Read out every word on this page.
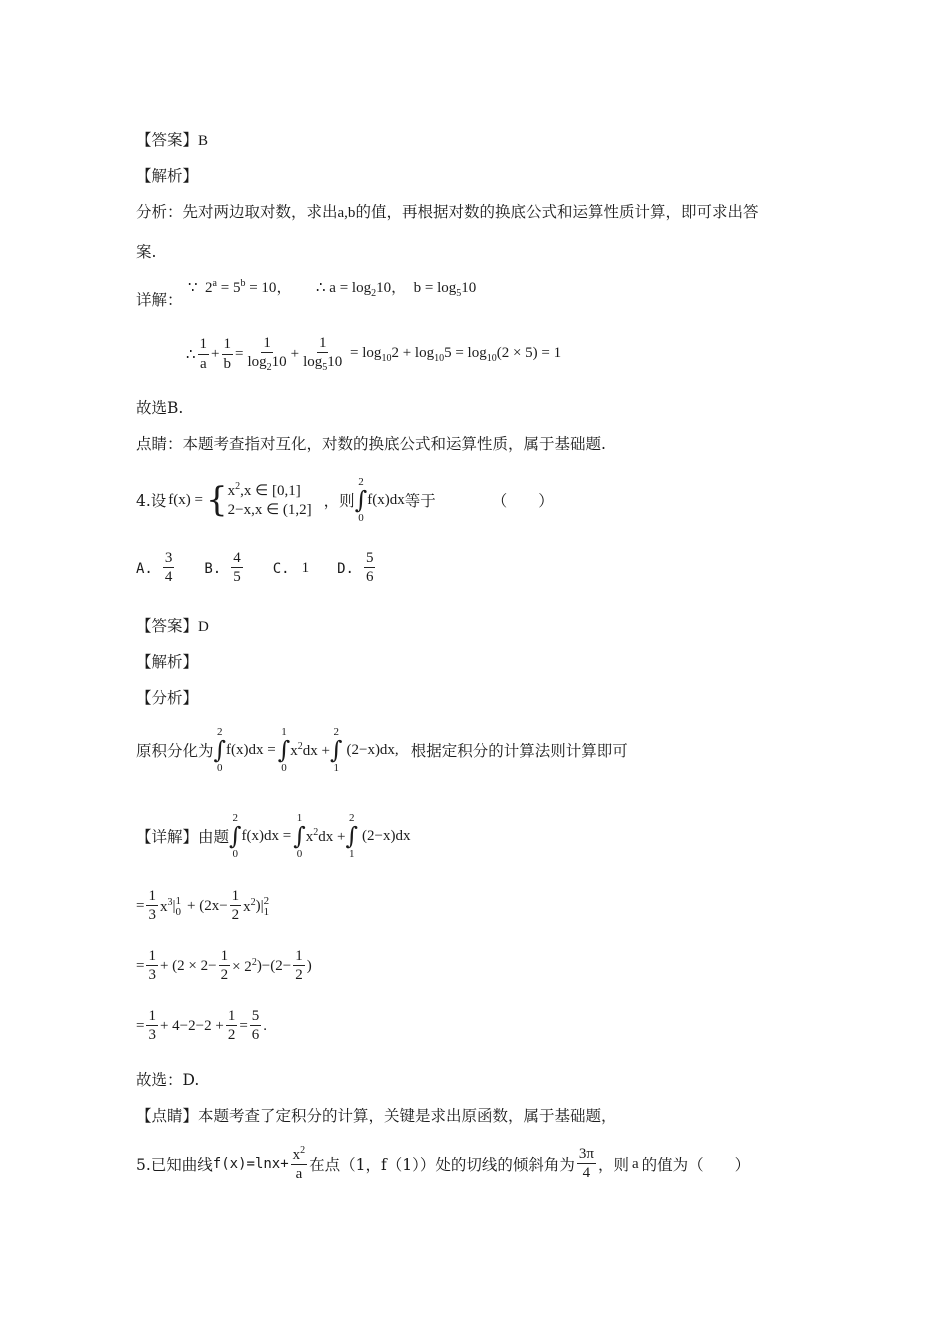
【答案】B
【解析】
分析：先对两边取对数，求出a,b的值，再根据对数的换底公式和运算性质计算，即可求出答
案.
详解：
∵ $2^a = 5^b = 10$， ∴ $a = \log_210$， $b = \log_510$
∴ $\frac{1}{a} + \frac{1}{b} = \frac{1}{\log_210} + \frac{1}{\log_510} = \log_{10}2 + \log_{10}5 = \log_{10}(2 \times 5) = 1$
故选B.
点睛：本题考查指对互化，对数的换底公式和运算性质，属于基础题.
4.设 f(x) = { $x^2,x$ ∈ [0,1]
2−x,x ∈ (1,2] ，则
2
∫
0
f(x)dx 等于	（　　）
A. $\frac{3}{4} B$. $\frac{4}{5} C$. 1 D. $\frac{5}{6}$
【答案】D
【解析】
【分析】
原积分化为
2
∫
0
f(x)dx =
1
∫
0
$x^2dx$ +
2
∫
1
(2−x)dx, 根据定积分的计算法则计算即可
【详解】 由题
2
∫
0
f(x)dx =
1
∫
0
$x^2dx$ +
2
∫
1
(2−x)dx
= $\frac{1}{3} x^3$ | 1
$0 + (2x- \frac{1}{2} x^2$ )| 2
1
= $\frac{1}{3} + (2 \times 2- \frac{1}{2} \times 2^2$ )$-(2- \frac{1}{2}$ )
= $\frac{1}{3} + 4-2-2 + \frac{1}{2} = \frac{5}{6}$ .
故选：D.
【点睛】本题考查了定积分的计算，关键是求出原函数，属于基础题，
5.已知曲线 $f(x)=\ln x+ \frac{x^2}{a}$ 在点（1，f（1））处的切线的倾斜角为 $\frac{3\pi}{4}$ ，则 a 的值为（　　）
